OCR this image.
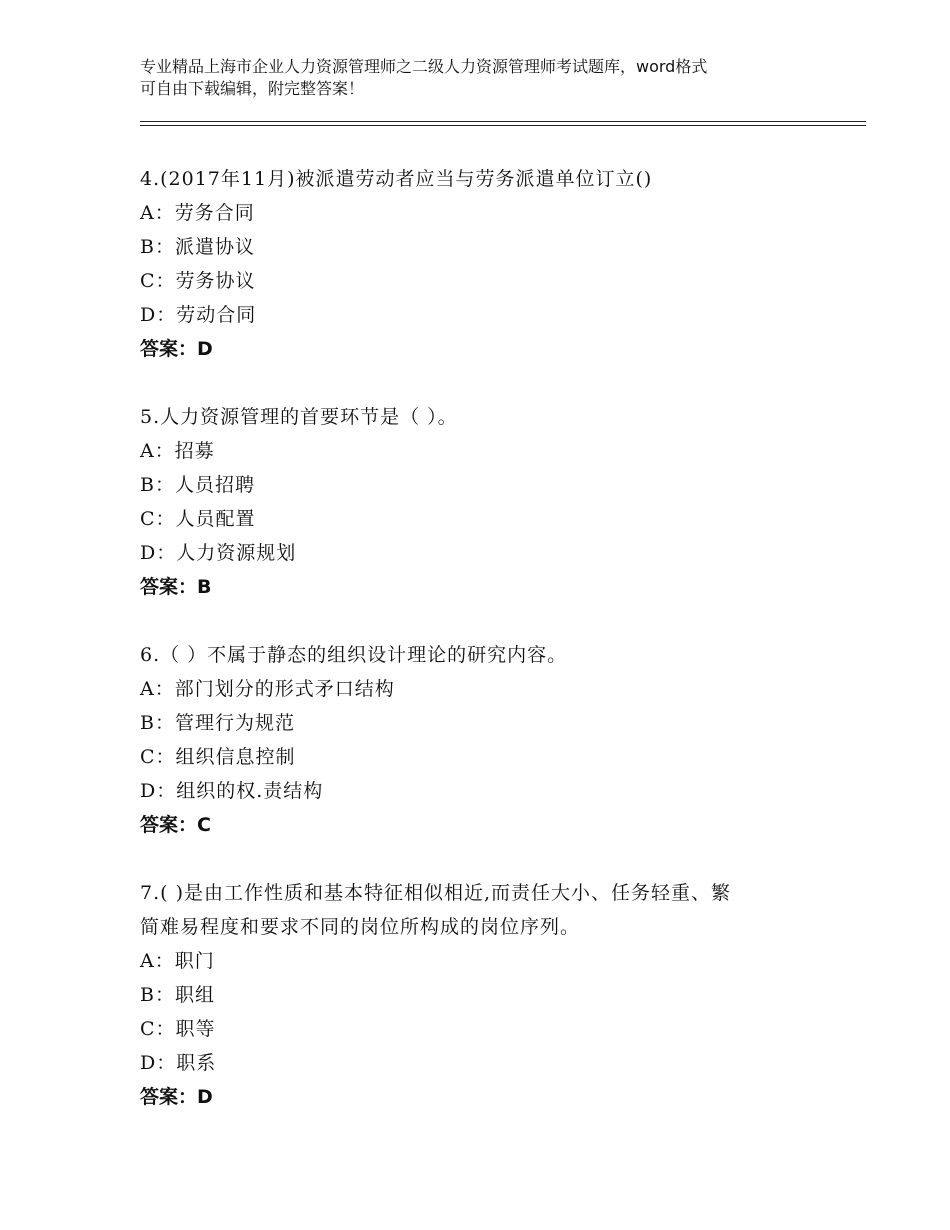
专业精品上海市企业人力资源管理师之二级人力资源管理师考试题库，word格式
可自由下载编辑，附完整答案！
4.(2017年11月)被派遣劳动者应当与劳务派遣单位订立()
A：劳务合同
B：派遣协议
C：劳务协议
D：劳动合同
答案：D
5.人力资源管理的首要环节是（ ）。
A：招募
B：人员招聘
C：人员配置
D：人力资源规划
答案：B
6.（ ）不属于静态的组织设计理论的研究内容。
A：部门划分的形式矛口结构
B：管理行为规范
C：组织信息控制
D：组织的权.责结构
答案：C
7.( )是由工作性质和基本特征相似相近,而责任大小、任务轻重、繁
简难易程度和要求不同的岗位所构成的岗位序列。
A：职门
B：职组
C：职等
D：职系
答案：D
